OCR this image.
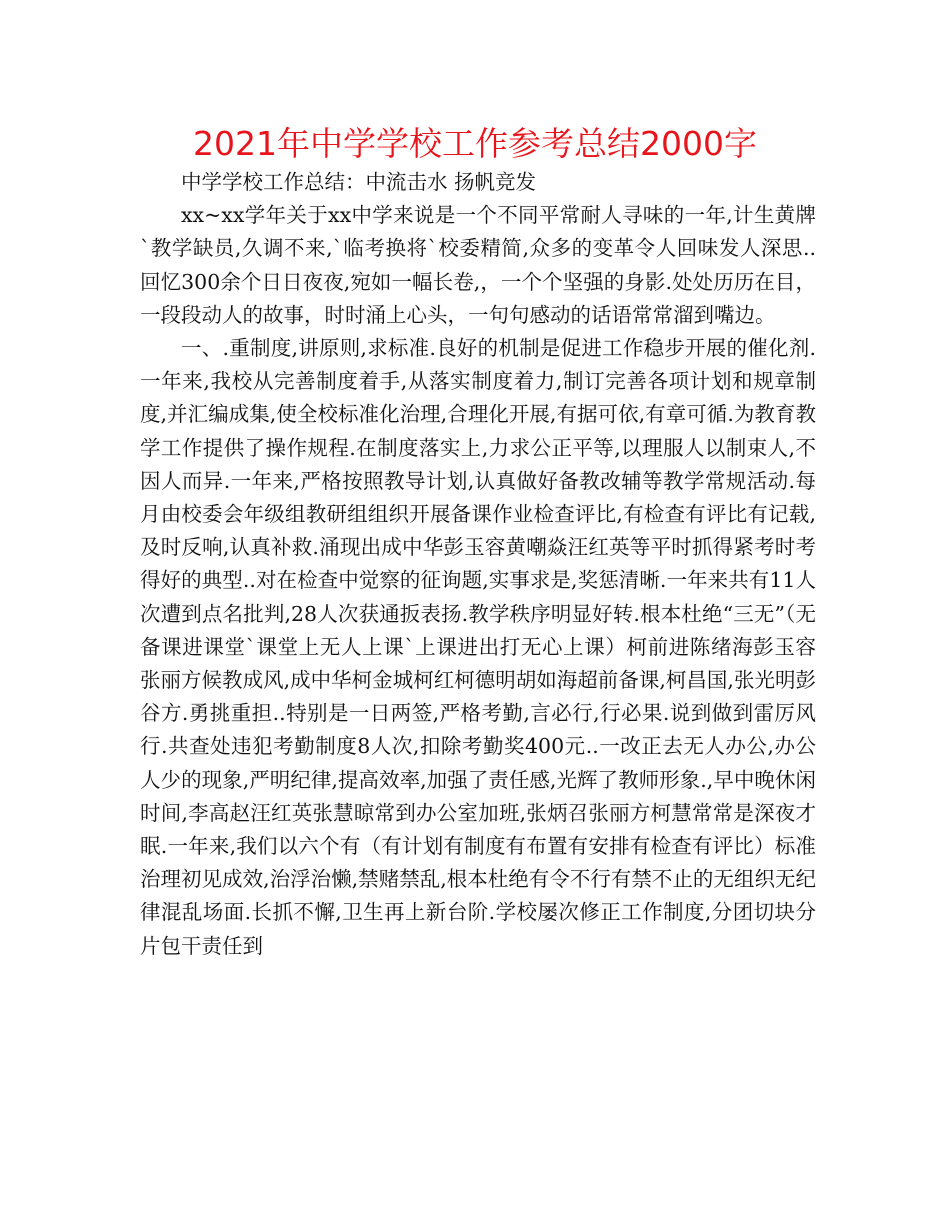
2021年中学学校工作参考总结2000字

中学学校工作总结：中流击水 扬帆竞发

xx~xx学年关于xx中学来说是一个不同平常耐人寻味的一年,计生黄牌`教学缺员,久调不来,`临考换将`校委精简,众多的变革令人回味发人深思..回忆300余个日日夜夜,宛如一幅长卷,，一个个坚强的身影.处处历历在目，一段段动人的故事，时时涌上心头，一句句感动的话语常常溜到嘴边。

一、.重制度,讲原则,求标准.良好的机制是促进工作稳步开展的催化剂.一年来,我校从完善制度着手,从落实制度着力,制订完善各项计划和规章制度,并汇编成集,使全校标准化治理,合理化开展,有据可依,有章可循.为教育教学工作提供了操作规程.在制度落实上,力求公正平等,以理服人以制束人,不因人而异.一年来,严格按照教导计划,认真做好备教改辅等教学常规活动.每月由校委会年级组教研组组织开展备课作业检查评比,有检查有评比有记载,及时反响,认真补救.涌现出成中华彭玉容黄嘲焱汪红英等平时抓得紧考时考得好的典型..对在检查中觉察的征询题,实事求是,奖惩清晰.一年来共有11人次遭到点名批判,28人次获通扳表扬.教学秩序明显好转.根本杜绝“三无”（无备课进课堂`课堂上无人上课`上课进出打无心上课）柯前进陈绪海彭玉容张丽方候教成风,成中华柯金城柯红柯德明胡如海超前备课,柯昌国,张光明彭谷方.勇挑重担..特别是一日两签,严格考勤,言必行,行必果.说到做到雷厉风行.共查处违犯考勤制度8人次,扣除考勤奖400元..一改正去无人办公,办公人少的现象,严明纪律,提高效率,加强了责任感,光辉了教师形象.,早中晚休闲时间,李高赵汪红英张慧晾常到办公室加班,张炳召张丽方柯慧常常是深夜才眠.一年来,我们以六个有（有计划有制度有布置有安排有检查有评比）标准治理初见成效,治浮治懒,禁赌禁乱,根本杜绝有令不行有禁不止的无组织无纪律混乱场面.长抓不懈,卫生再上新台阶.学校屡次修正工作制度,分团切块分片包干责任到
